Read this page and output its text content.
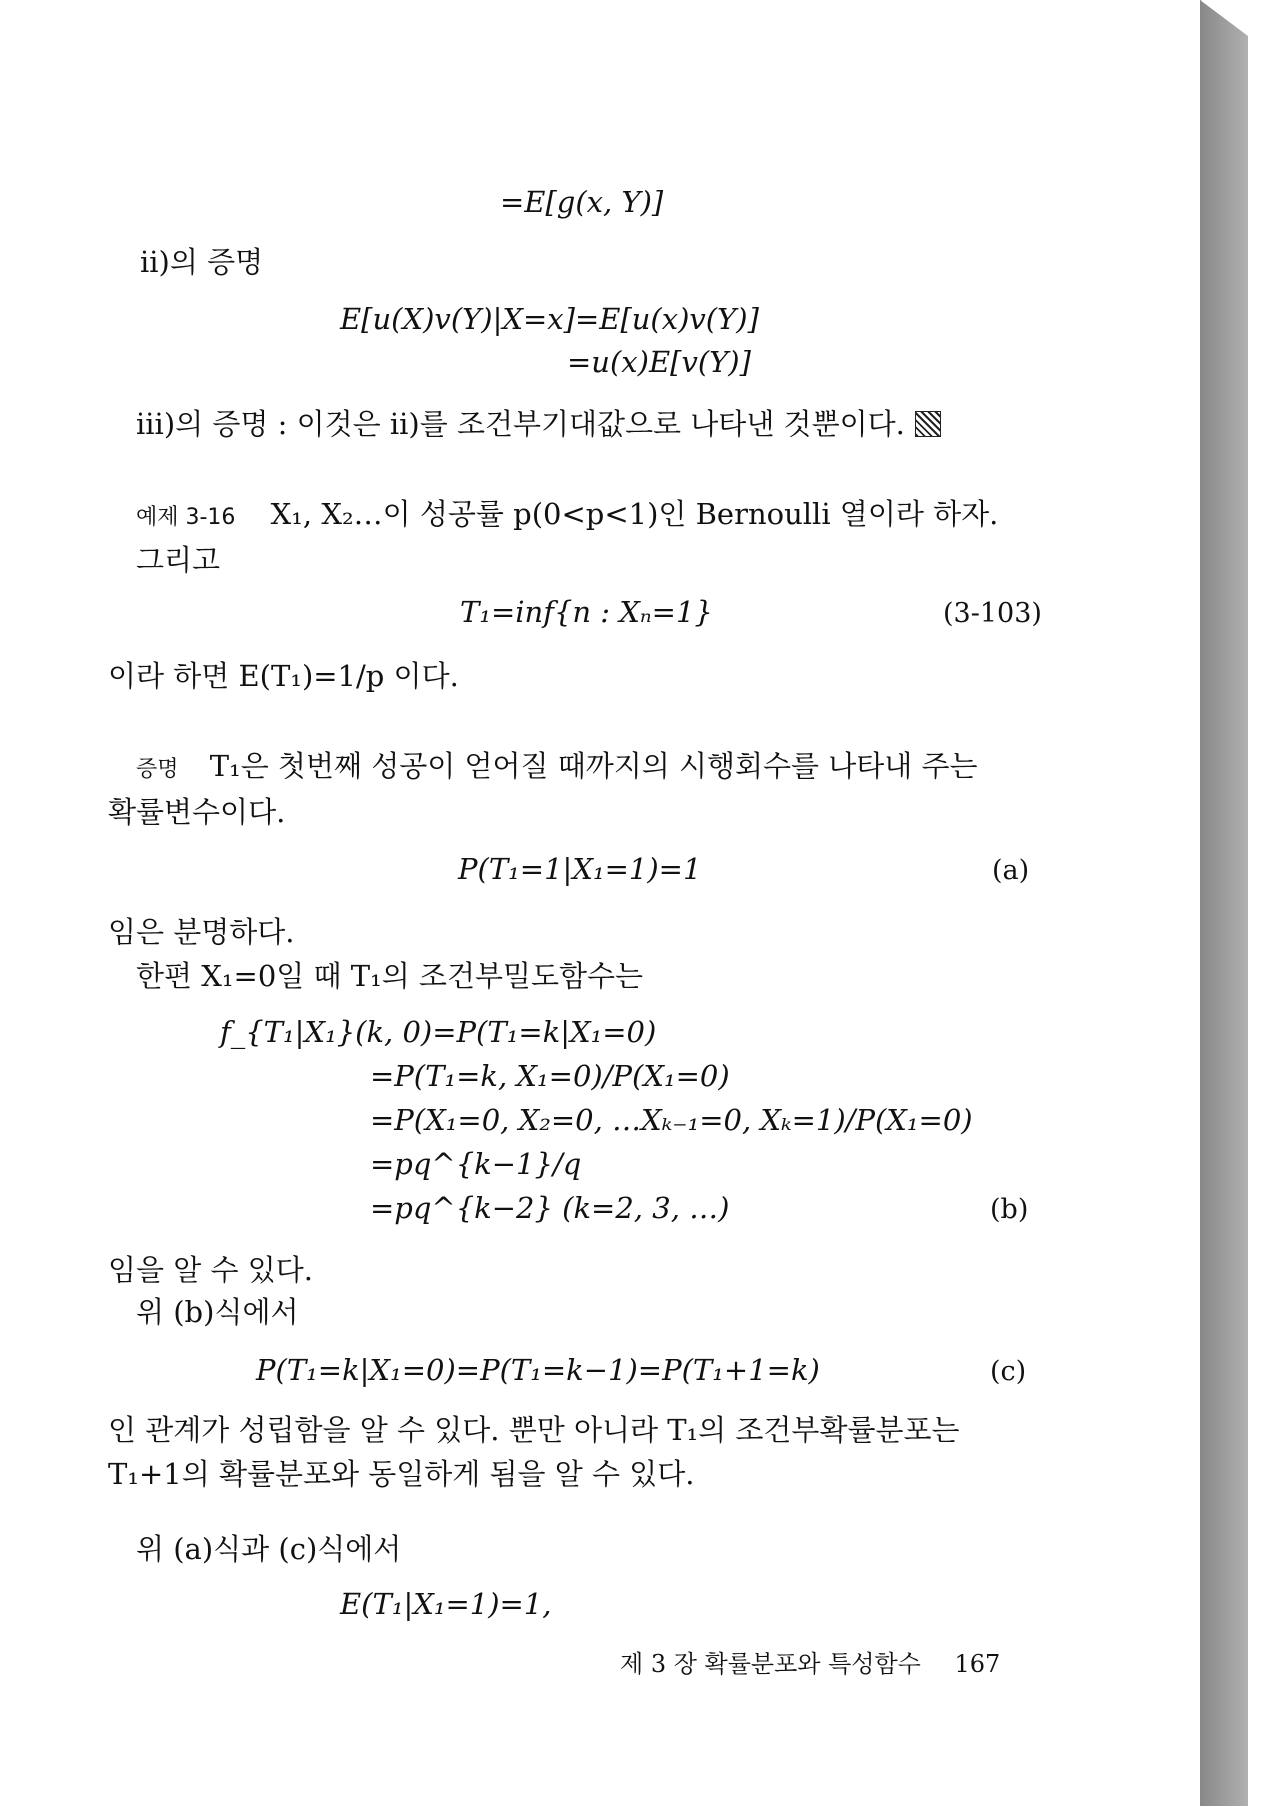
=E[g(x, Y)]
ii)의 증명
E[u(X)v(Y)|X=x]=E[u(x)v(Y)]
=u(x)E[v(Y)]
iii)의 증명 : 이것은 ii)를 조건부기대값으로 나타낸 것뿐이다.
예제 3-16 X₁, X₂…이 성공률 p(0<p<1)인 Bernoulli 열이라 하자.
그리고
T₁=inf{n : Xₙ=1}	(3-103)
이라 하면 E(T₁)=1/p 이다.
증명 T₁은 첫번째 성공이 얻어질 때까지의 시행회수를 나타내 주는
확률변수이다.
P(T₁=1|X₁=1)=1	(a)
임은 분명하다.
한편 X₁=0일 때 T₁의 조건부밀도함수는
f_{T₁|X₁}(k, 0)=P(T₁=k|X₁=0)
=P(T₁=k, X₁=0)/P(X₁=0)
=P(X₁=0, X₂=0, …Xₖ₋₁=0, Xₖ=1)/P(X₁=0)
=pq^{k−1}/q
=pq^{k−2} (k=2, 3, …)	(b)
임을 알 수 있다.
위 (b)식에서
P(T₁=k|X₁=0)=P(T₁=k−1)=P(T₁+1=k)	(c)
인 관계가 성립함을 알 수 있다. 뿐만 아니라 T₁의 조건부확률분포는
T₁+1의 확률분포와 동일하게 됨을 알 수 있다.
위 (a)식과 (c)식에서
E(T₁|X₁=1)=1,
제 3 장 확률분포와 특성함수 167
